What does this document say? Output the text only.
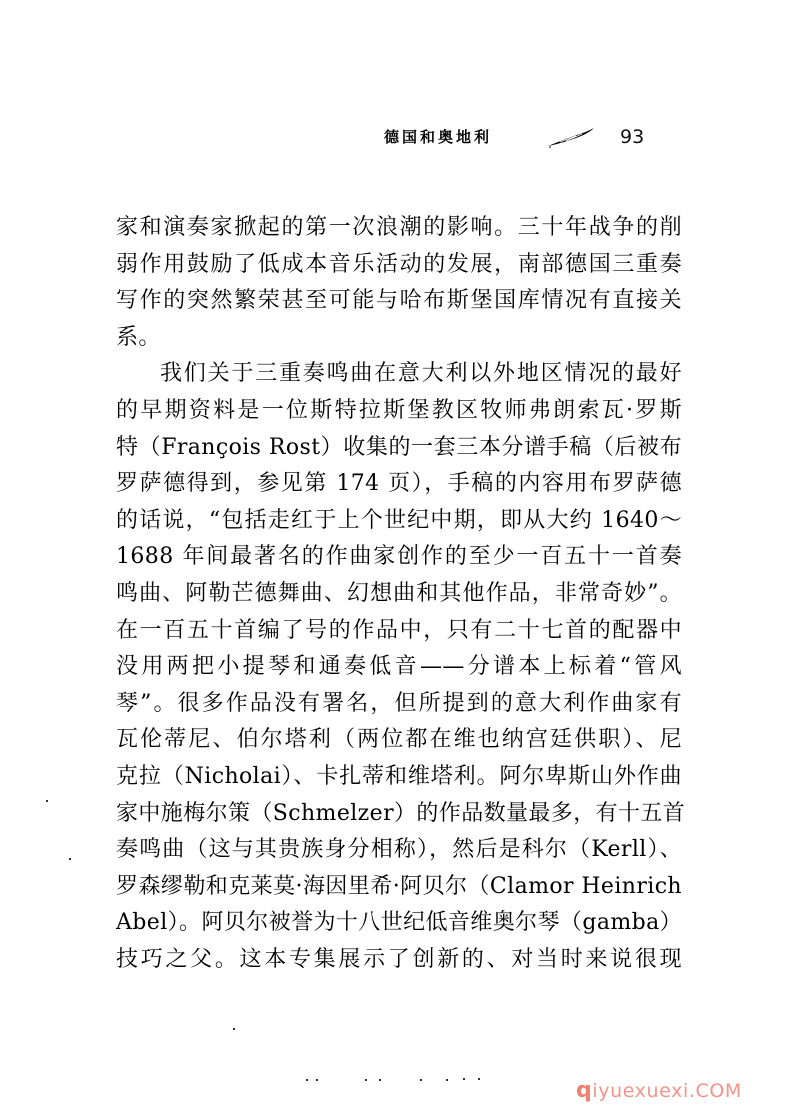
德国和奥地利	93
家和演奏家掀起的第一次浪潮的影响。三十年战争的削
弱作用鼓励了低成本音乐活动的发展，南部德国三重奏
写作的突然繁荣甚至可能与哈布斯堡国库情况有直接关
系。
我们关于三重奏鸣曲在意大利以外地区情况的最好
的早期资料是一位斯特拉斯堡教区牧师弗朗索瓦·罗斯
特（François Rost）收集的一套三本分谱手稿（后被布
罗萨德得到，参见第 174 页），手稿的内容用布罗萨德
的话说，“包括走红于上个世纪中期，即从大约 1640～
1688 年间最著名的作曲家创作的至少一百五十一首奏
鸣曲、阿勒芒德舞曲、幻想曲和其他作品，非常奇妙”。
在一百五十首编了号的作品中，只有二十七首的配器中
没用两把小提琴和通奏低音——分谱本上标着“管风
琴”。很多作品没有署名，但所提到的意大利作曲家有
瓦伦蒂尼、伯尔塔利（两位都在维也纳宫廷供职）、尼
克拉（Nicholai）、卡扎蒂和维塔利。阿尔卑斯山外作曲
家中施梅尔策（Schmelzer）的作品数量最多，有十五首
奏鸣曲（这与其贵族身分相称），然后是科尔（Kerll）、
罗森缪勒和克莱莫·海因里希·阿贝尔（Clamor Heinrich
Abel）。阿贝尔被誉为十八世纪低音维奥尔琴（gamba）
技巧之父。这本专集展示了创新的、对当时来说很现
qiyuexuexi.COM
